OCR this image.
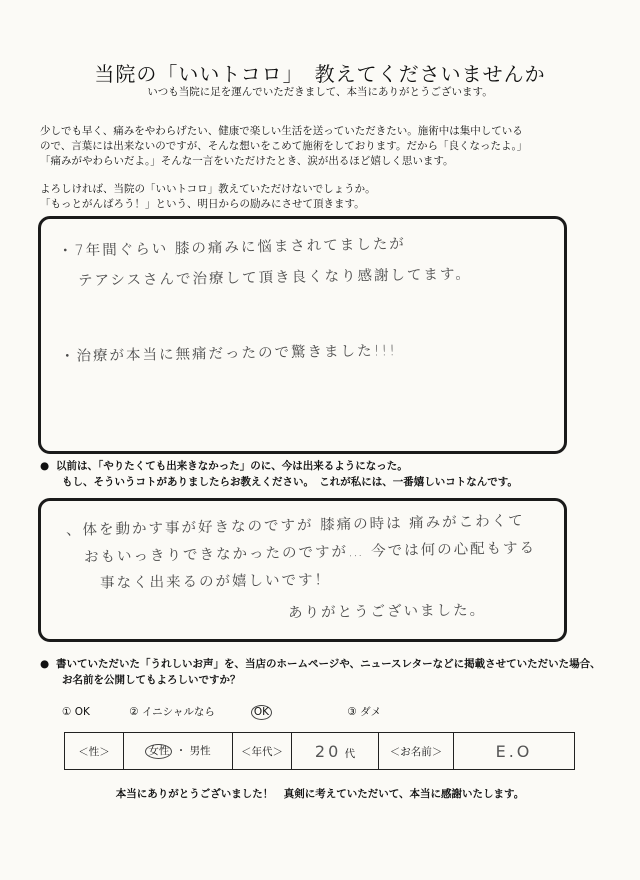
当院の「いいトコロ」　教えてくださいませんか
いつも当院に足を運んでいただきまして、本当にありがとうございます。
少しでも早く、痛みをやわらげたい、健康で楽しい生活を送っていただきたい。施術中は集中している
ので、言葉には出来ないのですが、そんな想いをこめて施術をしております。だから「良くなったよ。」
「痛みがやわらいだよ。」そんな一言をいただけたとき、涙が出るほど嬉しく思います。
よろしければ、当院の「いいトコロ」教えていただけないでしょうか。
「もっとがんばろう！」という、明日からの励みにさせて頂きます。
・7年間ぐらい 膝の痛みに悩まされてましたが
テアシスさんで治療して頂き良くなり感謝してます。
・治療が本当に無痛だったので驚きました!!!
● 以前は、「やりたくても出来きなかった」のに、今は出来るようになった。
もし、そういうコトがありましたらお教えください。　これが私には、一番嬉しいコトなんです。
、体を動かす事が好きなのですが 膝痛の時は 痛みがこわくて
おもいっきりできなかったのですが… 今では何の心配もする
事なく出来るのが嬉しいです！
ありがとうございました。
● 書いていただいた「うれしいお声」を、当店のホームページや、ニュースレターなどに掲載させていただいた場合、
お名前を公開してもよろしいですか？
① OK	② イニシャルなら	OK	③ ダメ
＜性＞	女性 ・ 男性	＜年代＞	20 代	＜お名前＞	E.O
本当にありがとうございました！　真剣に考えていただいて、本当に感謝いたします。
